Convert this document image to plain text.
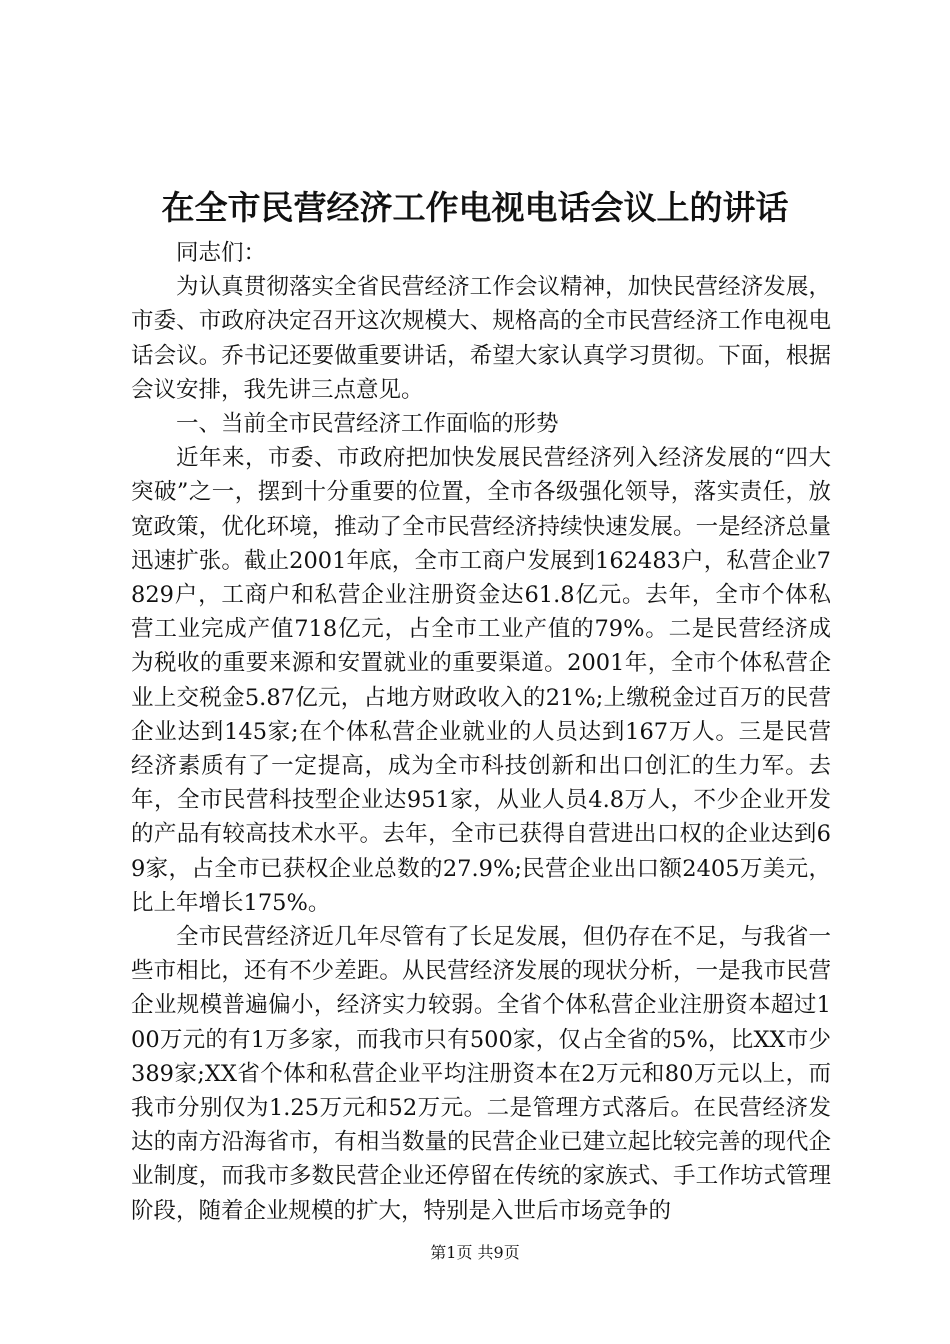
在全市民营经济工作电视电话会议上的讲话

同志们：

为认真贯彻落实全省民营经济工作会议精神，加快民营经济发展，市委、市政府决定召开这次规模大、规格高的全市民营经济工作电视电话会议。乔书记还要做重要讲话，希望大家认真学习贯彻。下面，根据会议安排，我先讲三点意见。

一、当前全市民营经济工作面临的形势

近年来，市委、市政府把加快发展民营经济列入经济发展的“四大突破”之一，摆到十分重要的位置，全市各级强化领导，落实责任，放宽政策，优化环境，推动了全市民营经济持续快速发展。一是经济总量迅速扩张。截止2001年底，全市工商户发展到162483户，私营企业7829户，工商户和私营企业注册资金达61.8亿元。去年，全市个体私营工业完成产值718亿元，占全市工业产值的79%。二是民营经济成为税收的重要来源和安置就业的重要渠道。2001年，全市个体私营企业上交税金5.87亿元，占地方财政收入的21%;上缴税金过百万的民营企业达到145家;在个体私营企业就业的人员达到167万人。三是民营经济素质有了一定提高，成为全市科技创新和出口创汇的生力军。去年，全市民营科技型企业达951家，从业人员4.8万人，不少企业开发的产品有较高技术水平。去年，全市已获得自营进出口权的企业达到69家，占全市已获权企业总数的27.9%;民营企业出口额2405万美元，比上年增长175%。

全市民营经济近几年尽管有了长足发展，但仍存在不足，与我省一些市相比，还有不少差距。从民营经济发展的现状分析，一是我市民营企业规模普遍偏小，经济实力较弱。全省个体私营企业注册资本超过100万元的有1万多家，而我市只有500家，仅占全省的5%，比XX市少389家;XX省个体和私营企业平均注册资本在2万元和80万元以上，而我市分别仅为1.25万元和52万元。二是管理方式落后。在民营经济发达的南方沿海省市，有相当数量的民营企业已建立起比较完善的现代企业制度，而我市多数民营企业还停留在传统的家族式、手工作坊式管理阶段，随着企业规模的扩大，特别是入世后市场竞争的

第1页 共9页
